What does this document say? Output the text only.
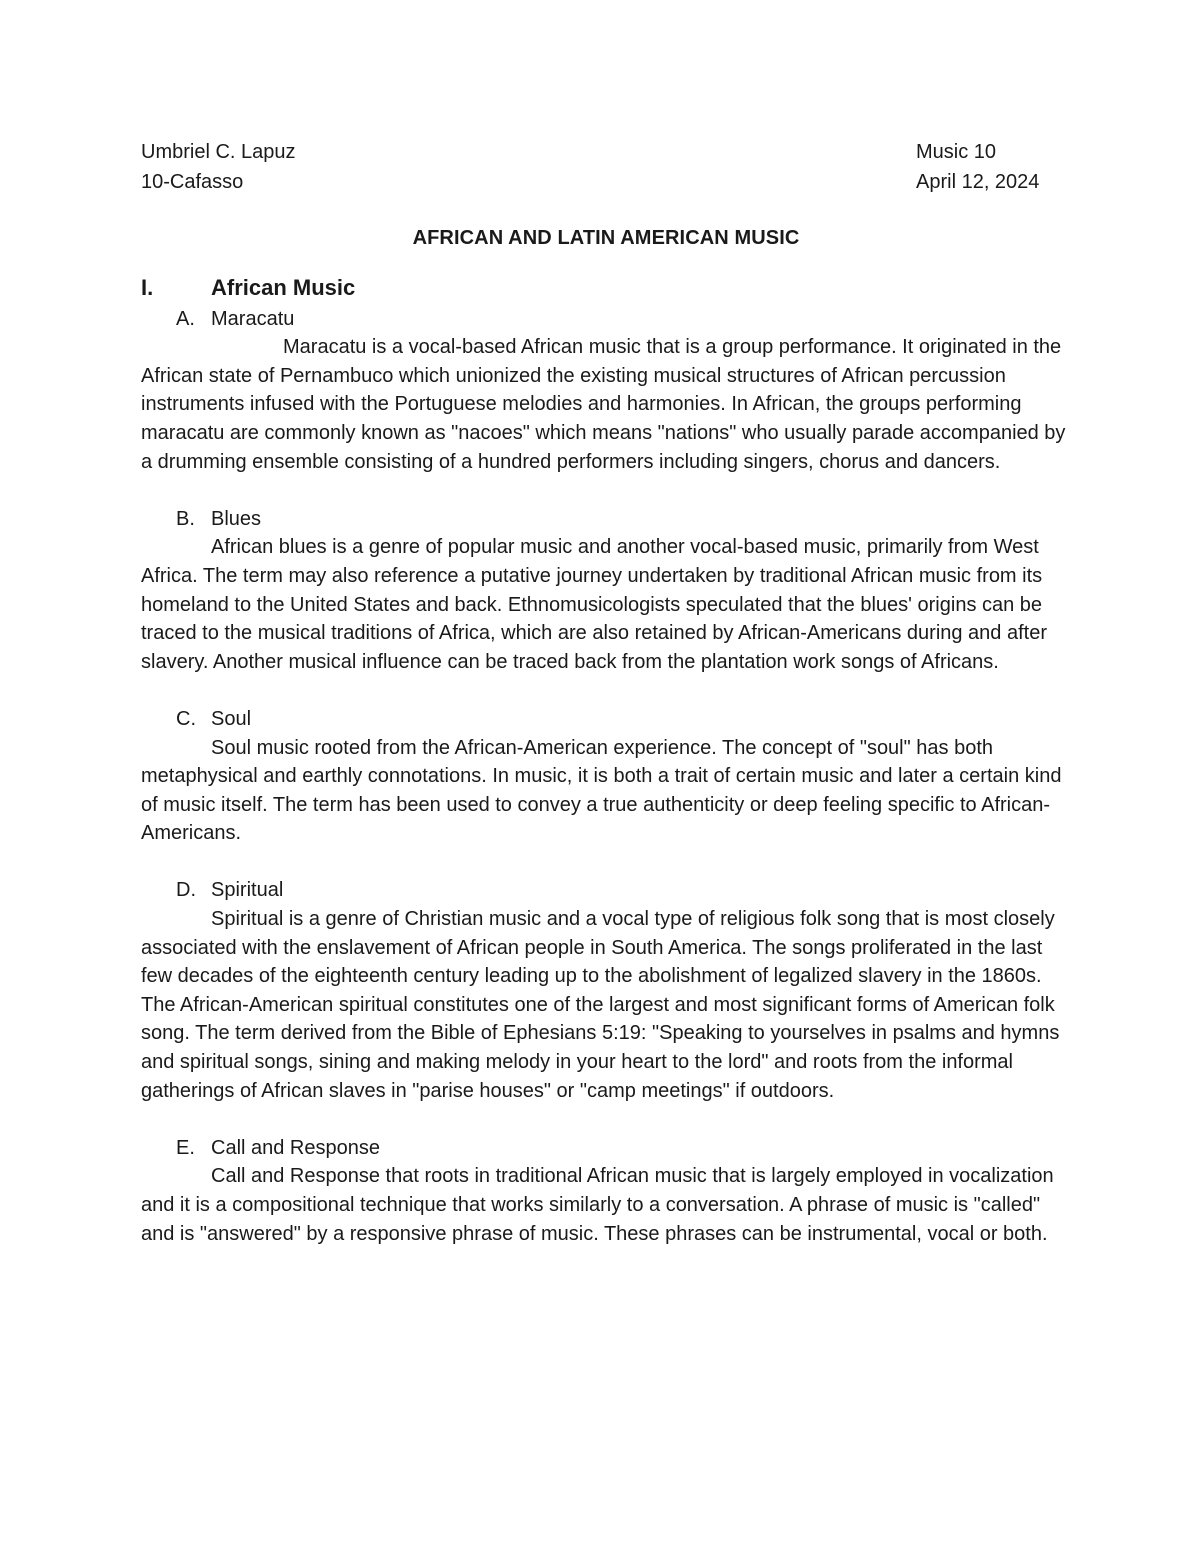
Umbriel C. Lapuz	Music 10
10-Cafasso	April 12, 2024
AFRICAN AND LATIN AMERICAN MUSIC
I.	African Music
A. Maracatu

Maracatu is a vocal-based African music that is a group performance. It originated in the African state of Pernambuco which unionized the existing musical structures of African percussion instruments infused with the Portuguese melodies and harmonies. In African, the groups performing maracatu are commonly known as "nacoes" which means "nations" who usually parade accompanied by a drumming ensemble consisting of a hundred performers including singers, chorus and dancers.

B. Blues

African blues is a genre of popular music and another vocal-based music, primarily from West Africa. The term may also reference a putative journey undertaken by traditional African music from its homeland to the United States and back. Ethnomusicologists speculated that the blues' origins can be traced to the musical traditions of Africa, which are also retained by African-Americans during and after slavery. Another musical influence can be traced back from the plantation work songs of Africans.

C. Soul

Soul music rooted from the African-American experience. The concept of "soul" has both metaphysical and earthly connotations. In music, it is both a trait of certain music and later a certain kind of music itself. The term has been used to convey a true authenticity or deep feeling specific to African-Americans.

D. Spiritual

Spiritual is a genre of Christian music and a vocal type of religious folk song that is most closely associated with the enslavement of African people in South America. The songs proliferated in the last few decades of the eighteenth century leading up to the abolishment of legalized slavery in the 1860s. The African-American spiritual constitutes one of the largest and most significant forms of American folk song. The term derived from the Bible of Ephesians 5:19: "Speaking to yourselves in psalms and hymns and spiritual songs, sining and making melody in your heart to the lord" and roots from the informal gatherings of African slaves in "parise houses" or "camp meetings" if outdoors.

E. Call and Response

Call and Response that roots in traditional African music that is largely employed in vocalization and it is a compositional technique that works similarly to a conversation. A phrase of music is "called" and is "answered" by a responsive phrase of music. These phrases can be instrumental, vocal or both.
